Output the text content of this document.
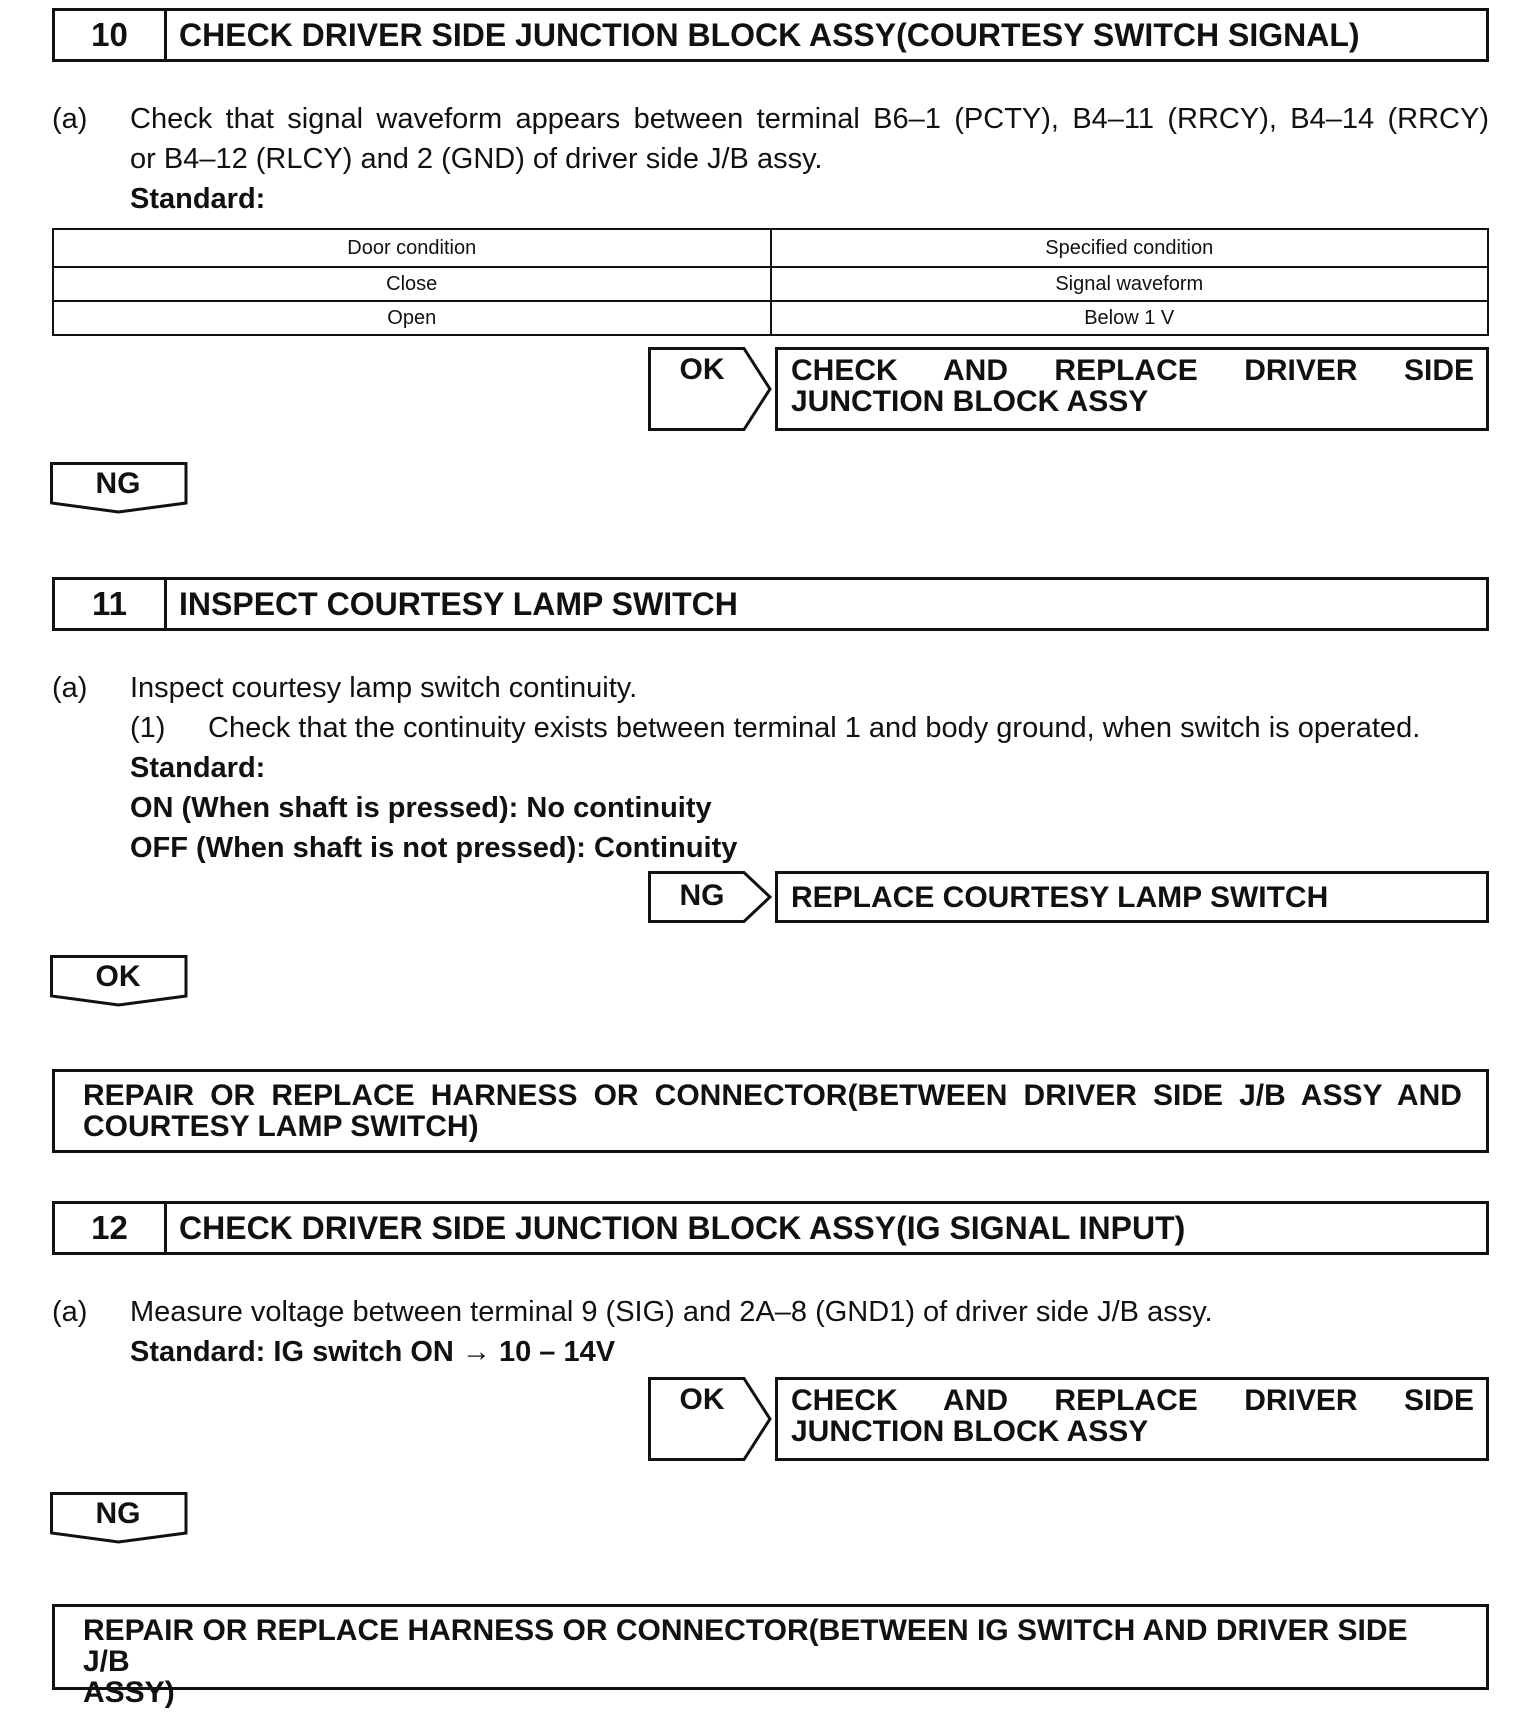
10	CHECK DRIVER SIDE JUNCTION BLOCK ASSY(COURTESY SWITCH SIGNAL)
(a) Check that signal waveform appears between terminal B6–1 (PCTY), B4–11 (RRCY), B4–14 (RRCY)
or B4–12 (RLCY) and 2 (GND) of driver side J/B assy.
Standard:
Door condition	Specified condition
Close	Signal waveform
Open	Below 1 V
OK	CHECK AND REPLACE DRIVER SIDE
JUNCTION BLOCK ASSY
NG
11	INSPECT COURTESY LAMP SWITCH
(a) Inspect courtesy lamp switch continuity.
(1) Check that the continuity exists between terminal 1 and body ground, when switch is operated.
Standard:
ON (When shaft is pressed): No continuity
OFF (When shaft is not pressed): Continuity
NG	REPLACE COURTESY LAMP SWITCH
OK
REPAIR OR REPLACE HARNESS OR CONNECTOR(BETWEEN DRIVER SIDE J/B ASSY AND
COURTESY LAMP SWITCH)
12	CHECK DRIVER SIDE JUNCTION BLOCK ASSY(IG SIGNAL INPUT)
(a) Measure voltage between terminal 9 (SIG) and 2A–8 (GND1) of driver side J/B assy.
Standard: IG switch ON → 10 – 14V
OK	CHECK AND REPLACE DRIVER SIDE
JUNCTION BLOCK ASSY
NG
REPAIR OR REPLACE HARNESS OR CONNECTOR(BETWEEN IG SWITCH AND DRIVER SIDE J/B
ASSY)
